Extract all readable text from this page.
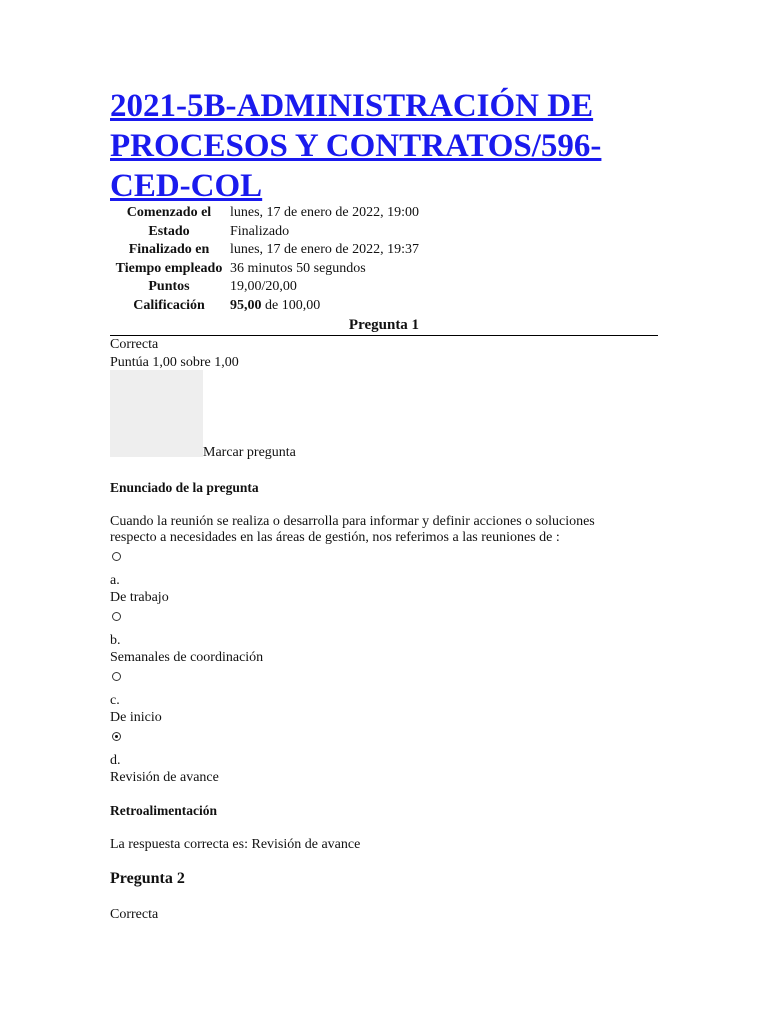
2021-5B-ADMINISTRACIÓN DE PROCESOS Y CONTRATOS/596-CED-COL
Comenzado el	lunes, 17 de enero de 2022, 19:00
Estado	Finalizado
Finalizado en	lunes, 17 de enero de 2022, 19:37
Tiempo empleado	36 minutos 50 segundos
Puntos	19,00/20,00
Calificación	95,00 de 100,00
Pregunta 1
Correcta
Puntúa 1,00 sobre 1,00
Marcar pregunta
Enunciado de la pregunta
Cuando la reunión se realiza o desarrolla para informar y definir acciones o soluciones
respecto a necesidades en las áreas de gestión, nos referimos a las reuniones de :
a.
De trabajo
b.
Semanales de coordinación
c.
De inicio
d.
Revisión de avance
Retroalimentación
La respuesta correcta es: Revisión de avance
Pregunta 2
Correcta
